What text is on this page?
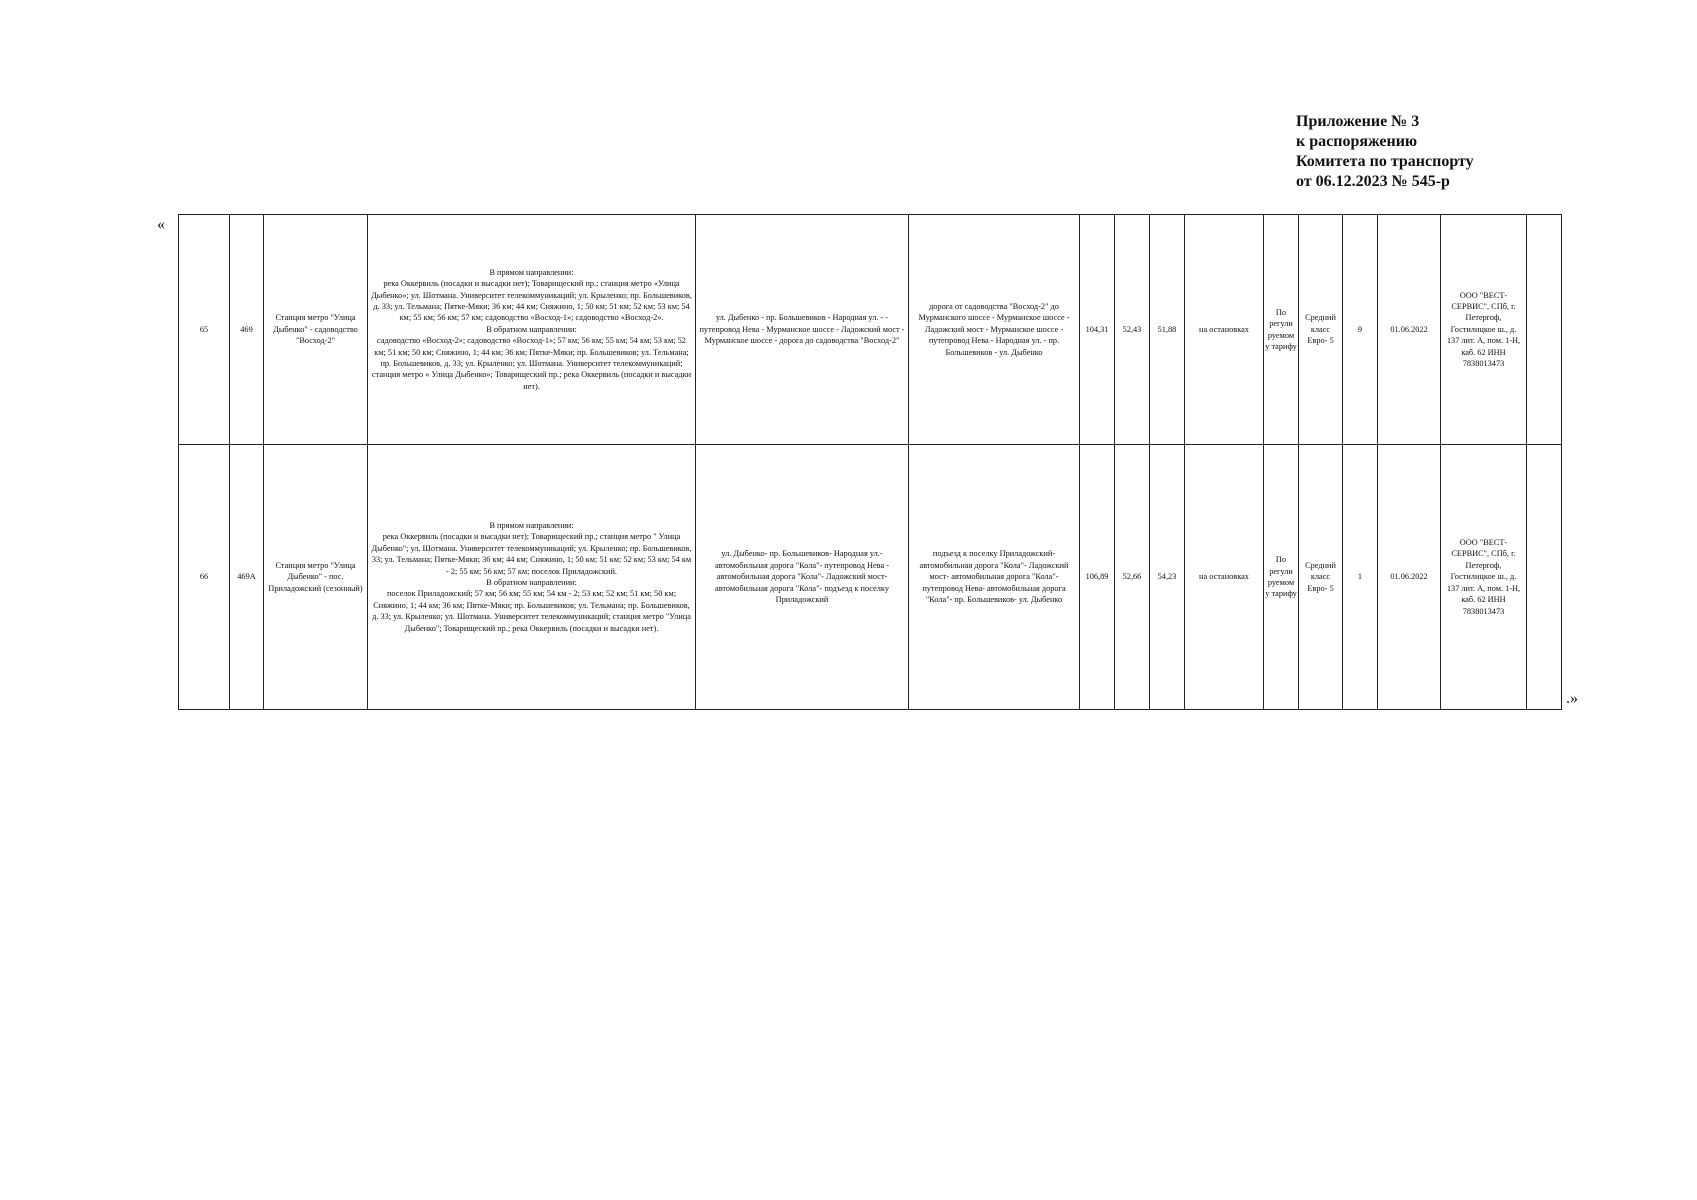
Приложение № 3
к распоряжению
Комитета по транспорту
от 06.12.2023 № 545-р
«
65	469	Станция метро "Улица Дыбенко" - садоводство "Восход-2"	В прямом направлении:
река Оккервиль (посадки и высадки нет); Товарищеский пр.; станция метро «Улица Дыбенко»; ул. Шотмана. Университет телекоммуникаций; ул. Крыленко; пр. Большевиков, д. 33; ул. Тельмана; Пятке-Мяки; 36 км; 44 км; Сняжино, 1; 50 км; 51 км; 52 км; 53 км; 54 км; 55 км; 56 км; 57 км; садоводство «Восход-1»; садоводство «Восход-2».
В обратном направлении:
садоводство «Восход-2»; садоводство «Восход-1»; 57 км; 56 км; 55 км; 54 км; 53 км; 52 км; 51 км; 50 км; Сняжино, 1; 44 км; 36 км; Пятке-Мяки; пр. Большевиков; ул. Тельмана; пр. Большевиков, д. 33; ул. Крыленко; ул. Шотмана. Университет телекоммуникаций; станция метро « Улица Дыбенко»; Товарищеский пр.; река Оккервиль (посадки и высадки нет).	ул. Дыбенко - пр. Большевиков - Народная ул. - - путепровод Нева - Мурманское шоссе - Ладожский мост - Мурманское шоссе - дорога до садоводства "Восход-2"	дорога от садоводства "Восход-2" до Мурманского шоссе - Мурманское шоссе - Ладожский мост - Мурманское шоссе - путепровод Нева - Народная ул. - пр. Большевиков - ул. Дыбенко	104,31	52,43	51,88	на остановках	По регули руемом у тарифу	Средний класс Евро- 5	9	01.06.2022	ООО "ВЕСТ-СЕРВИС", СПб, г. Петергоф, Гостилицкое ш., д. 137 лит. А, пом. 1-Н, каб. 62 ИНН 7838013473	
66	469А	Станция метро "Улица Дыбенко" - пос. Приладожский (сезонный)	В прямом направлении:
река Оккервиль (посадки и высадки нет); Товарищеский пр.; станция метро " Улица Дыбенко"; ул. Шотмана. Университет телекоммуникаций; ул. Крыленко; пр. Большевиков, 33; ул. Тельмана; Пятке-Мяки; 36 км; 44 км; Сняжино, 1; 50 км; 51 км; 52 км; 53 км; 54 км - 2; 55 км; 56 км; 57 км; поселок Приладожский.
В обратном направлении:
поселок Приладожский; 57 км; 56 км; 55 км; 54 км - 2; 53 км; 52 км; 51 км; 50 км; Сняжино, 1; 44 км; 36 км; Пятке-Мяки; пр. Большевиков; ул. Тельмана; пр. Большевиков, д. 33; ул. Крыленко; ул. Шотмана. Университет телекоммуникаций; станция метро "Улица Дыбенко"; Товарищеский пр.; река Оккервиль (посадки и высадки нет).	ул. Дыбенко- пр. Большевиков- Народная ул.- автомобильная дорога "Кола"- путепровод Нева - автомобильная дорога "Кола"- Ладожский мост- автомобильная дорога "Кола"- подъезд к поселку Приладожский	подъезд к поселку Приладожский- автомобильная дорога "Кола"- Ладожский мост- автомобильная дорога "Кола"- путепровод Нева- автомобильная дорога "Кола"- пр. Большевиков- ул. Дыбенко	106,89	52,66	54,23	на остановках	По регули руемом у тарифу	Средний класс Евро- 5	1	01.06.2022	ООО "ВЕСТ-СЕРВИС", СПб, г. Петергоф, Гостилицкое ш., д. 137 лит. А, пом. 1-Н, каб. 62 ИНН 7838013473	
.»
